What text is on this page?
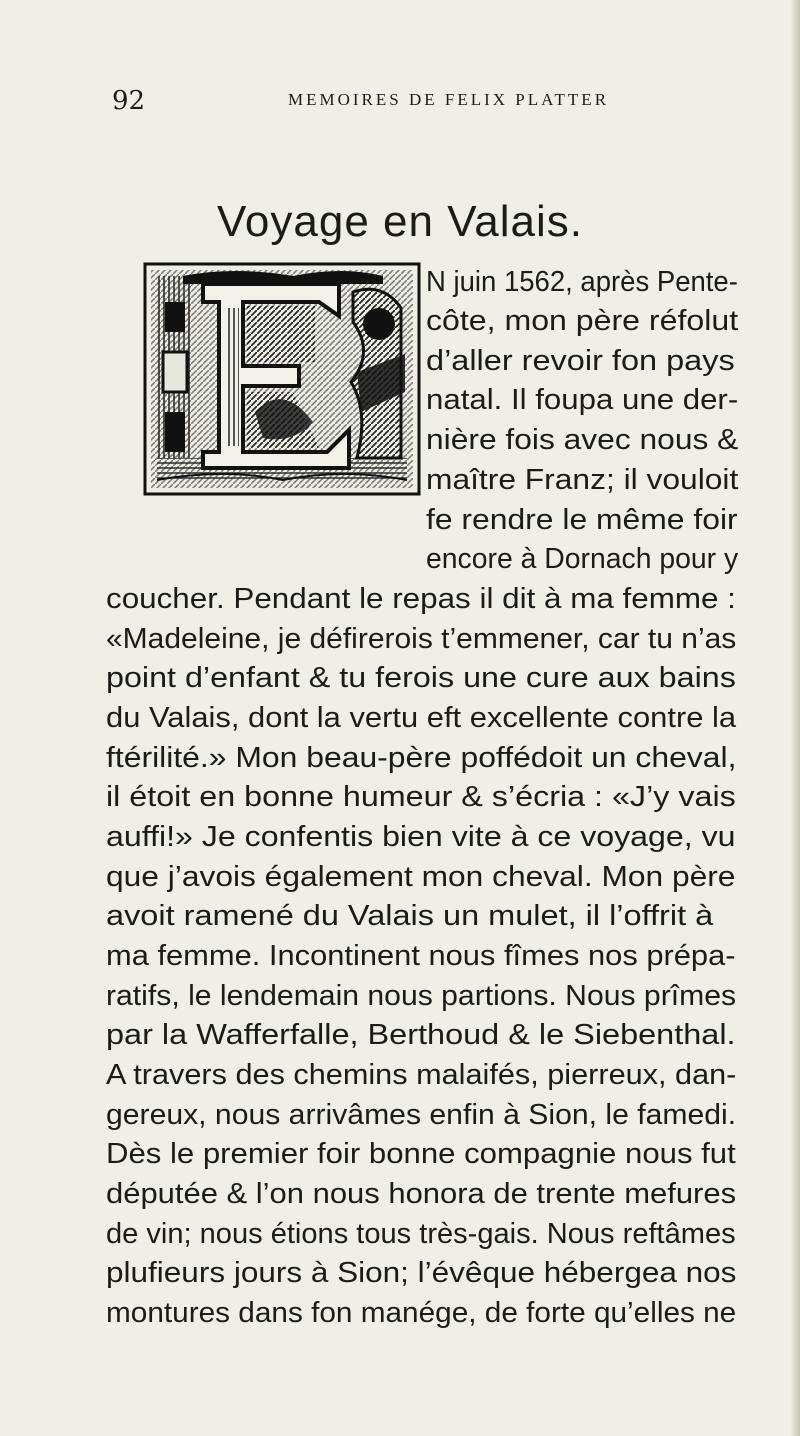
92	MEMOIRES DE FELIX PLATTER
Voyage en Valais.
N juin 1562, après Pente-
côte, mon père réfolut
d’aller revoir fon pays
natal. Il foupa une der-
nière fois avec nous &
maître Franz; il vouloit
fe rendre le même foir
encore à Dornach pour y
coucher. Pendant le repas il dit à ma femme :
«Madeleine, je défirerois t’emmener, car tu n’as
point d’enfant & tu ferois une cure aux bains
du Valais, dont la vertu eft excellente contre la
ftérilité.» Mon beau-père poffédoit un cheval,
il étoit en bonne humeur & s’écria : «J’y vais
auffi!» Je confentis bien vite à ce voyage, vu
que j’avois également mon cheval. Mon père
avoit ramené du Valais un mulet, il l’offrit à
ma femme. Incontinent nous fîmes nos prépa-
ratifs, le lendemain nous partions. Nous prîmes
par la Wafferfalle, Berthoud & le Siebenthal.
A travers des chemins malaifés, pierreux, dan-
gereux, nous arrivâmes enfin à Sion, le famedi.
Dès le premier foir bonne compagnie nous fut
députée & l’on nous honora de trente mefures
de vin; nous étions tous très-gais. Nous reftâmes
plufieurs jours à Sion; l’évêque hébergea nos
montures dans fon manége, de forte qu’elles ne
